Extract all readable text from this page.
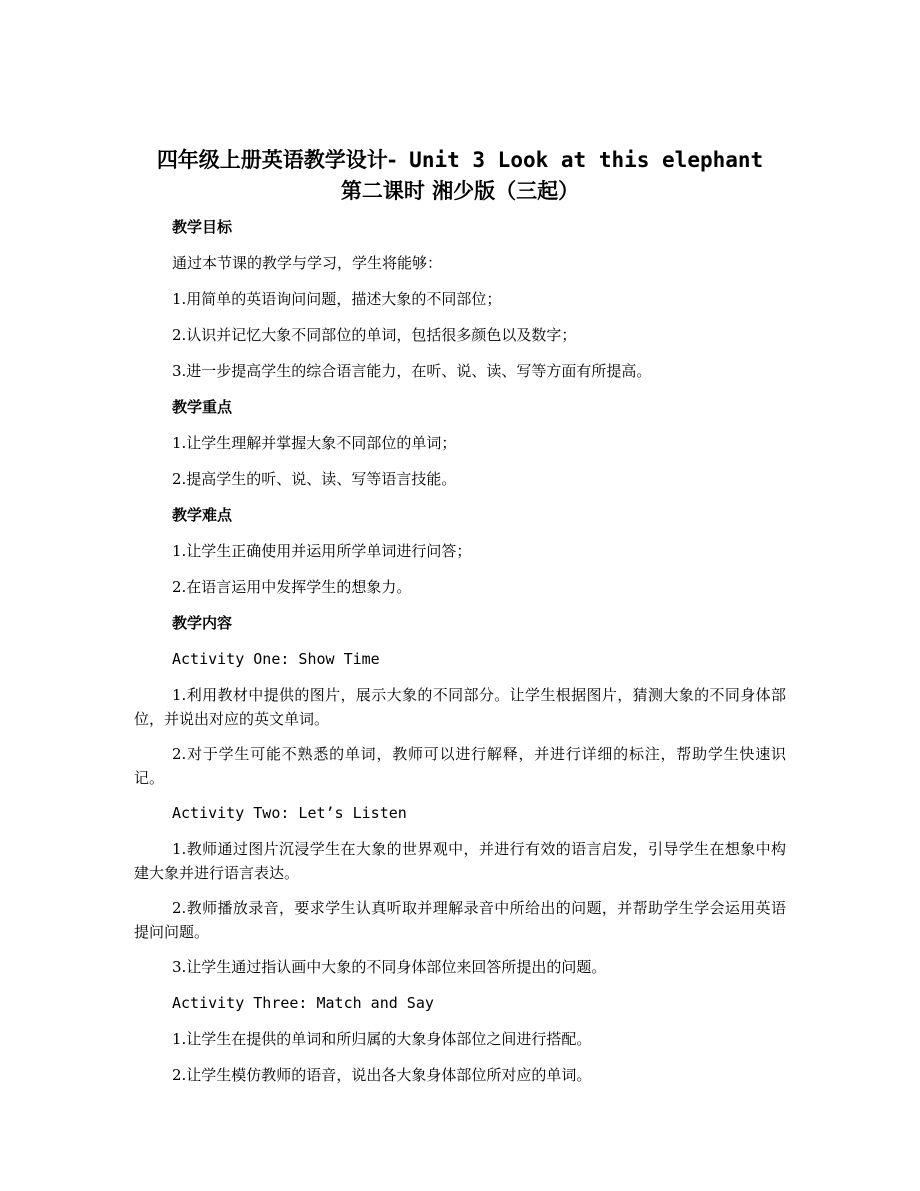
四年级上册英语教学设计- Unit 3 Look at this elephant
第二课时 湘少版（三起）
教学目标
通过本节课的教学与学习，学生将能够：
1.用简单的英语询问问题，描述大象的不同部位；
2.认识并记忆大象不同部位的单词，包括很多颜色以及数字；
3.进一步提高学生的综合语言能力，在听、说、读、写等方面有所提高。
教学重点
1.让学生理解并掌握大象不同部位的单词；
2.提高学生的听、说、读、写等语言技能。
教学难点
1.让学生正确使用并运用所学单词进行问答；
2.在语言运用中发挥学生的想象力。
教学内容
Activity One: Show Time
1.利用教材中提供的图片，展示大象的不同部分。让学生根据图片，猜测大象的不同身体部位，并说出对应的英文单词。
2.对于学生可能不熟悉的单词，教师可以进行解释，并进行详细的标注，帮助学生快速识记。
Activity Two: Let’s Listen
1.教师通过图片沉浸学生在大象的世界观中，并进行有效的语言启发，引导学生在想象中构建大象并进行语言表达。
2.教师播放录音，要求学生认真听取并理解录音中所给出的问题，并帮助学生学会运用英语提问问题。
3.让学生通过指认画中大象的不同身体部位来回答所提出的问题。
Activity Three: Match and Say
1.让学生在提供的单词和所归属的大象身体部位之间进行搭配。
2.让学生模仿教师的语音，说出各大象身体部位所对应的单词。
